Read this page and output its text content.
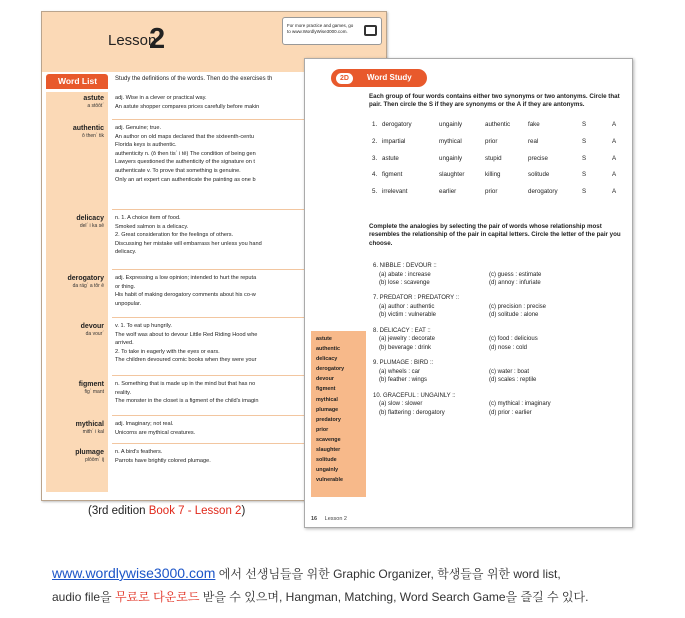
Lesson
2	For more practice and games, go
to www.WordlyWise3000.com.
Word List	Study the definitions of the words. Then do the exercises th
astute
a stōōt´
adj. Wise in a clever or practical way.
An astute shopper compares prices carefully before makin
authentic
ô then´ tik
adj. Genuine; true.
An author on old maps declared that the sixteenth-centu
Florida keys is authentic.
authenticity n. (ô then tis´ i tē) The condition of being gen
Lawyers questioned the authenticity of the signature on t
authenticate v. To prove that something is genuine.
Only an art expert can authenticate the painting as one b
delicacy
del´ i ka sē
n. 1. A choice item of food.
Smoked salmon is a delicacy.
2. Great consideration for the feelings of others.
Discussing her mistake will embarrass her unless you hand
delicacy.
derogatory
da räg´ a tôr ē
adj. Expressing a low opinion; intended to hurt the reputa
or thing.
His habit of making derogatory comments about his co-w
unpopular.
devour
da vour´
v. 1. To eat up hungrily.
The wolf was about to devour Little Red Riding Hood whe
arrived.
2. To take in eagerly with the eyes or ears.
The children devoured comic books when they were your
figment
fig´ mant
n. Something that is made up in the mind but that has no
reality.
The monster in the closet is a figment of the child's imagin
mythical
mith´ i kal
adj. Imaginary; not real.
Unicorns are mythical creatures.
plumage
plōōm´ ij
n. A bird's feathers.
Parrots have brightly colored plumage.
2D	Word Study
Each group of four words contains either two synonyms or two antonyms. Circle that pair. Then circle the S if they are synonyms or the A if they are antonyms.
1. derogatory	ungainly	authentic	fake	S	A
2. impartial	mythical	prior	real	S	A
3. astute	ungainly	stupid	precise	S	A
4. figment	slaughter	killing	solitude	S	A
5. irrelevant	earlier	prior	derogatory	S	A
Complete the analogies by selecting the pair of words whose relationship most resembles the relationship of the pair in capital letters. Circle the letter of the pair you choose.
6. NIBBLE : DEVOUR ::
(a) abate : increase
(b) lose : scavenge
(c) guess : estimate
(d) annoy : infuriate
7. PREDATOR : PREDATORY ::
(a) author : authentic
(b) victim : vulnerable
(c) precision : precise
(d) solitude : alone
8. DELICACY : EAT ::
(a) jewelry : decorate
(b) beverage : drink
(c) food : delicious
(d) nose : cold
9. PLUMAGE : BIRD ::
(a) wheels : car
(b) feather : wings
(c) water : boat
(d) scales : reptile
10. GRACEFUL : UNGAINLY ::
(a) slow : slower
(b) flattering : derogatory
(c) mythical : imaginary
(d) prior : earlier
astute
authentic
delicacy
derogatory
devour
figment
mythical
plumage
predatory
prior
scavenge
slaughter
solitude
ungainly
vulnerable
16 Lesson 2
(3rd edition Book 7 - Lesson 2)
www.wordlywise3000.com 에서 선생님들을 위한 Graphic Organizer, 학생들을 위한 word list,
audio file을 무료로 다운로드 받을 수 있으며, Hangman, Matching, Word Search Game을 즐길 수 있다.
